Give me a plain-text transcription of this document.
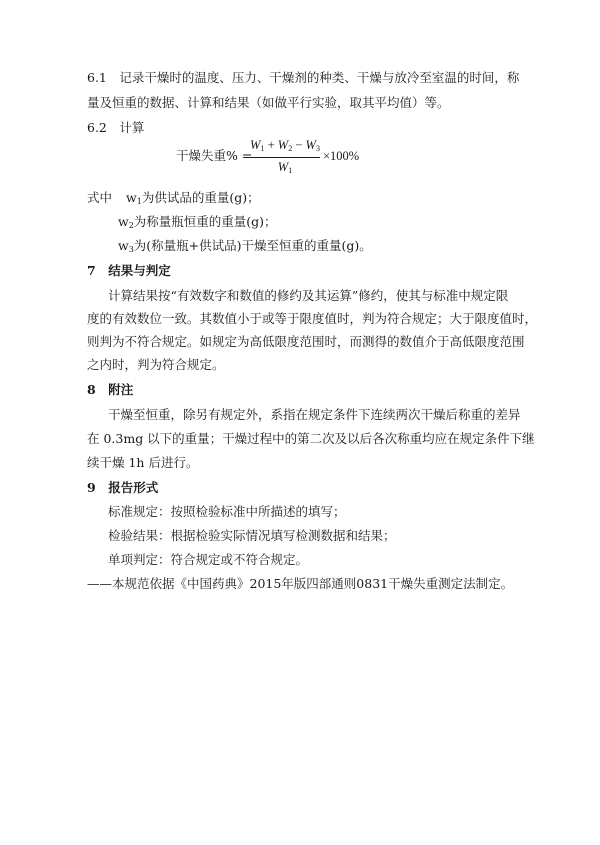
6.1　记录干燥时的温度、压力、干燥剂的种类、干燥与放冷至室温的时间，称
量及恒重的数据、计算和结果（如做平行实验，取其平均值）等。
6.2　计算
干燥失重% =
$W_1 + W_2 - W_3$
$W_1$
×100%
式中 $w_1$为供试品的重量(g)；
$w_2$为称量瓶恒重的重量(g)；
$w_3$为(称量瓶+供试品)干燥至恒重的重量(g)。
7　结果与判定
计算结果按“有效数字和数值的修约及其运算”修约，使其与标准中规定限
度的有效数位一致。其数值小于或等于限度值时，判为符合规定；大于限度值时，
则判为不符合规定。如规定为高低限度范围时，而测得的数值介于高低限度范围
之内时，判为符合规定。
8　附注
干燥至恒重，除另有规定外，系指在规定条件下连续两次干燥后称重的差异
在 0.3mg 以下的重量；干燥过程中的第二次及以后各次称重均应在规定条件下继
续干燥 1h 后进行。
9　报告形式
标准规定：按照检验标准中所描述的填写；
检验结果：根据检验实际情况填写检测数据和结果；
单项判定：符合规定或不符合规定。
——本规范依据《中国药典》2015年版四部通则0831干燥失重测定法制定。
